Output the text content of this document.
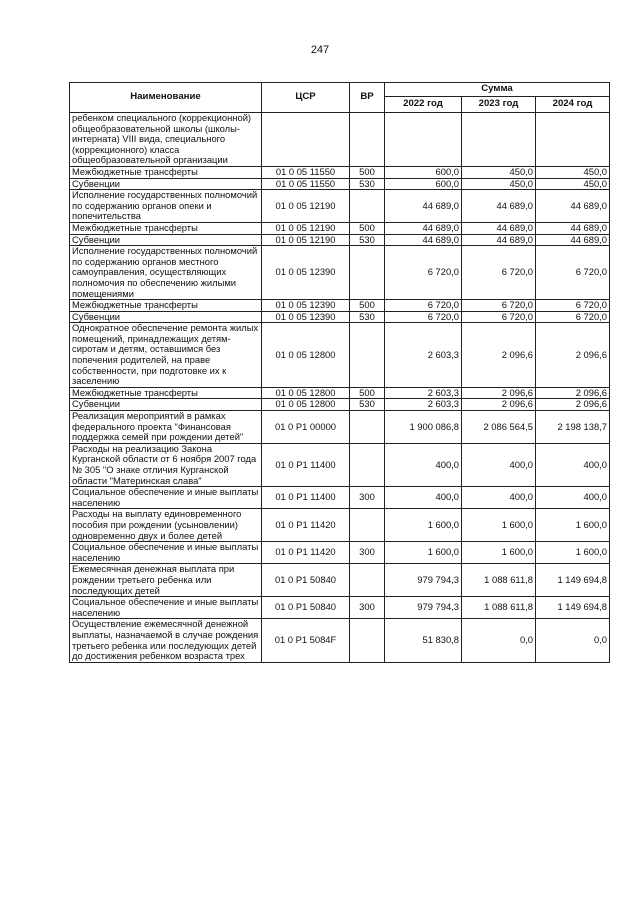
247
Наименование	ЦСР	ВР	Сумма		
			2022 год	2023 год	2024 год
ребенком специального (коррекционной) общеобразовательной школы (школы-интерната) VIII вида, специального (коррекционного) класса общеобразовательной организации					
Межбюджетные трансферты	01 0 05 11550	500	600,0	450,0	450,0
Субвенции	01 0 05 11550	530	600,0	450,0	450,0
Исполнение государственных полномочий по содержанию органов опеки и попечительства	01 0 05 12190		44 689,0	44 689,0	44 689,0
Межбюджетные трансферты	01 0 05 12190	500	44 689,0	44 689,0	44 689,0
Субвенции	01 0 05 12190	530	44 689,0	44 689,0	44 689,0
Исполнение государственных полномочий по содержанию органов местного самоуправления, осуществляющих полномочия по обеспечению жилыми помещениями	01 0 05 12390		6 720,0	6 720,0	6 720,0
Межбюджетные трансферты	01 0 05 12390	500	6 720,0	6 720,0	6 720,0
Субвенции	01 0 05 12390	530	6 720,0	6 720,0	6 720,0
Однократное обеспечение ремонта жилых помещений, принадлежащих детям-сиротам и детям, оставшимся без попечения родителей, на праве собственности, при подготовке их к заселению	01 0 05 12800		2 603,3	2 096,6	2 096,6
Межбюджетные трансферты	01 0 05 12800	500	2 603,3	2 096,6	2 096,6
Субвенции	01 0 05 12800	530	2 603,3	2 096,6	2 096,6
Реализация мероприятий в рамках федерального проекта "Финансовая поддержка семей при рождении детей"	01 0 P1 00000		1 900 086,8	2 086 564,5	2 198 138,7
Расходы на реализацию Закона Курганской области от 6 ноября 2007 года № 305 "О знаке отличия Курганской области "Материнская слава"	01 0 P1 11400		400,0	400,0	400,0
Социальное обеспечение и иные выплаты населению	01 0 P1 11400	300	400,0	400,0	400,0
Расходы на выплату единовременного пособия при рождении (усыновлении) одновременно двух и более детей	01 0 P1 11420		1 600,0	1 600,0	1 600,0
Социальное обеспечение и иные выплаты населению	01 0 P1 11420	300	1 600,0	1 600,0	1 600,0
Ежемесячная денежная выплата при рождении третьего ребенка или последующих детей	01 0 P1 50840		979 794,3	1 088 611,8	1 149 694,8
Социальное обеспечение и иные выплаты населению	01 0 P1 50840	300	979 794,3	1 088 611,8	1 149 694,8
Осуществление ежемесячной денежной выплаты, назначаемой в случае рождения третьего ребенка или последующих детей до достижения ребенком возраста трех	01 0 P1 5084F		51 830,8	0,0	0,0
